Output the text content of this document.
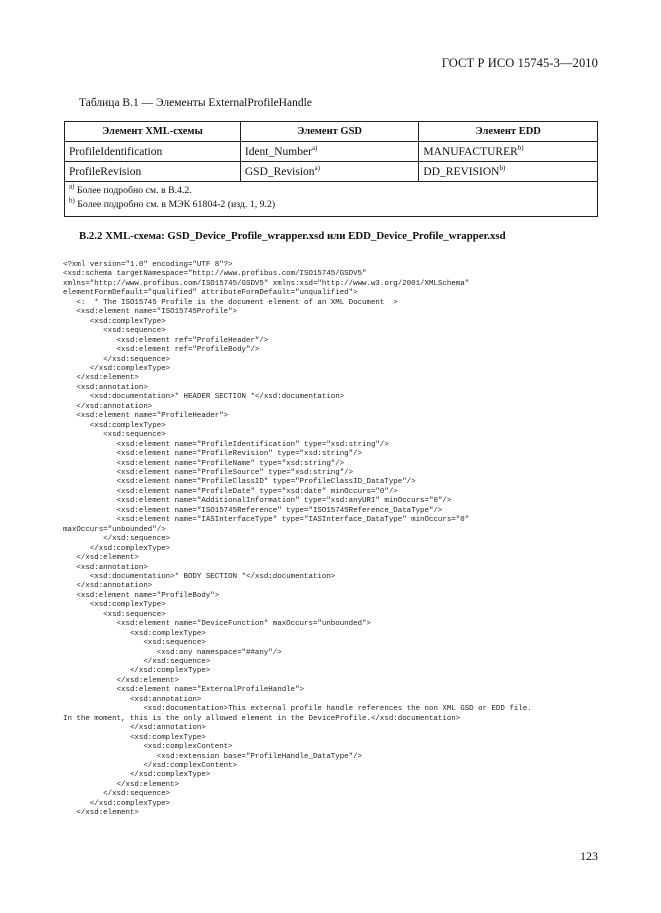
ГОСТ Р ИСО 15745-3—2010
Таблица В.1 — Элементы ExternalProfileHandle
Элемент XML-схемы	Элемент GSD	Элемент EDD
ProfileIdentification	Ident_Number$^{a)}$	MANUFACTURER$^{b)}$
ProfileRevision	GSD_Revision$^{a)}$	DD_REVISION$^{b)}$

$^{a)}$ Более подробно см. в В.4.2.
$^{b)}$ Более подробно см. в МЭК 61804-2 (изд. 1, 9.2)		
B.2.2 XML-схема: GSD_Device_Profile_wrapper.xsd или EDD_Device_Profile_wrapper.xsd
<?xml version="1.0" encoding="UTF 8"?>
<xsd:schema targetNamespace="http://www.profibus.com/ISO15745/GSDV5"
xmlns="http://www.profibus.com/ISO15745/GSDV5" xmlns:xsd="http://www.w3.org/2001/XMLSchema"
elementFormDefault="qualified" attributeFormDefault="unqualified">
<:  * The ISO15745 Profile is the document element of an XML Document  >
<xsd:element name="ISO15745Profile">
<xsd:complexType>
<xsd:sequence>
<xsd:element ref="ProfileHeader"/>
<xsd:element ref="ProfileBody"/>
</xsd:sequence>
</xsd:complexType>
</xsd:element>
<xsd:annotation>
<xsd:documentation>* HEADER SECTION *</xsd:documentation>
</xsd:annotation>
<xsd:element name="ProfileHeader">
<xsd:complexType>
<xsd:sequence>
<xsd:element name="ProfileIdentification" type="xsd:string"/>
<xsd:element name="ProfileRevision" type="xsd:string"/>
<xsd:element name="ProfileName" type="xsd:string"/>
<xsd:element name="ProfileSource" type="xsd:string"/>
<xsd:element name="ProfileClassID" type="ProfileClassID_DataType"/>
<xsd:element name="ProfileDate" type="xsd:date" minOccurs="0"/>
<xsd:element name="AdditionalInformation" type="xsd:anyURI" minOccurs="0"/>
<xsd:element name="ISO15745Reference" type="ISO15745Reference_DataType"/>
<xsd:element name="IASInterfaceType" type="IASInterface_DataType" minOccurs="0"
maxOccurs="unbounded"/>
</xsd:sequence>
</xsd:complexType>
</xsd:element>
<xsd:annotation>
<xsd:documentation>* BODY SECTION *</xsd:documentation>
</xsd:annotation>
<xsd:element name="ProfileBody">
<xsd:complexType>
<xsd:sequence>
<xsd:element name="DeviceFunction" maxOccurs="unbounded">
<xsd:complexType>
<xsd:sequence>
<xsd:any namespace="##any"/>
</xsd:sequence>
</xsd:complexType>
</xsd:element>
<xsd:element name="ExternalProfileHandle">
<xsd:annotation>
<xsd:documentation>This external profile handle references the non XML GSD or EDD file.
In the moment, this is the only allowed element in the DeviceProfile.</xsd:documentation>
</xsd:annotation>
<xsd:complexType>
<xsd:complexContent>
<xsd:extension base="ProfileHandle_DataType"/>
</xsd:complexContent>
</xsd:complexType>
</xsd:element>
</xsd:sequence>
</xsd:complexType>
</xsd:element>
123
